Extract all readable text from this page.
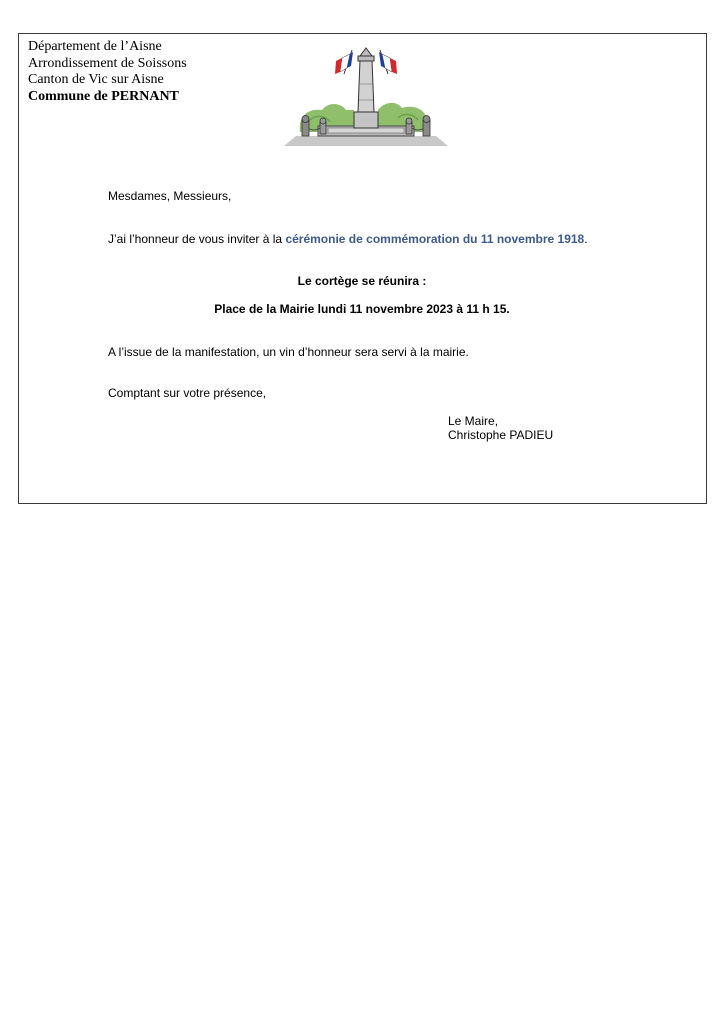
Département de l’Aisne
Arrondissement de Soissons
Canton de Vic sur Aisne
Commune de PERNANT
Mesdames, Messieurs,
J’ai l’honneur de vous inviter à la cérémonie de commémoration du 11 novembre 1918.
Le cortège se réunira :
Place de la Mairie lundi 11 novembre 2023 à 11 h 15.
A l’issue de la manifestation, un vin d’honneur sera servi à la mairie.
Comptant sur votre présence,
Le Maire,
Christophe PADIEU
